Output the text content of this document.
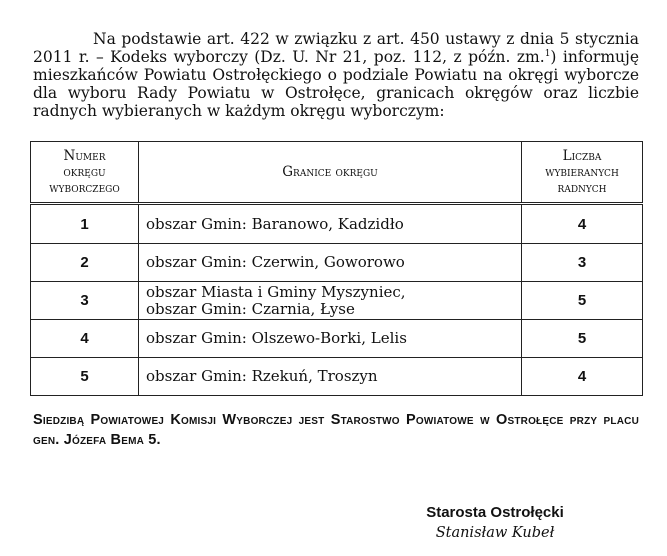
Na podstawie art. 422 w związku z art. 450 ustawy z dnia 5 stycznia 2011 r. – Kodeks wyborczy (Dz. U. Nr 21, poz. 112, z późn. zm.$^1$) informuję mieszkańców Powiatu Ostrołęckiego o podziale Powiatu na okręgi wyborcze dla wyboru Rady Powiatu w Ostrołęce, granicach okręgów oraz liczbie radnych wybieranych w każdym okręgu wyborczym:

Numer
okręgu
wyborczego	Granice okręgu	Liczba
wybieranych
radnych
1	obszar Gmin: Baranowo, Kadzidło	4
2	obszar Gmin: Czerwin, Goworowo	3
3	obszar Miasta i Gminy Myszyniec,
obszar Gmin: Czarnia, Łyse	5
4	obszar Gmin: Olszewo-Borki, Lelis	5
5	obszar Gmin: Rzekuń, Troszyn	4

Siedzibą Powiatowej Komisji Wyborczej jest Starostwo Powiatowe w Ostrołęce przy placu gen. Józefa Bema 5.

Starosta Ostrołęcki
Stanisław Kubeł
